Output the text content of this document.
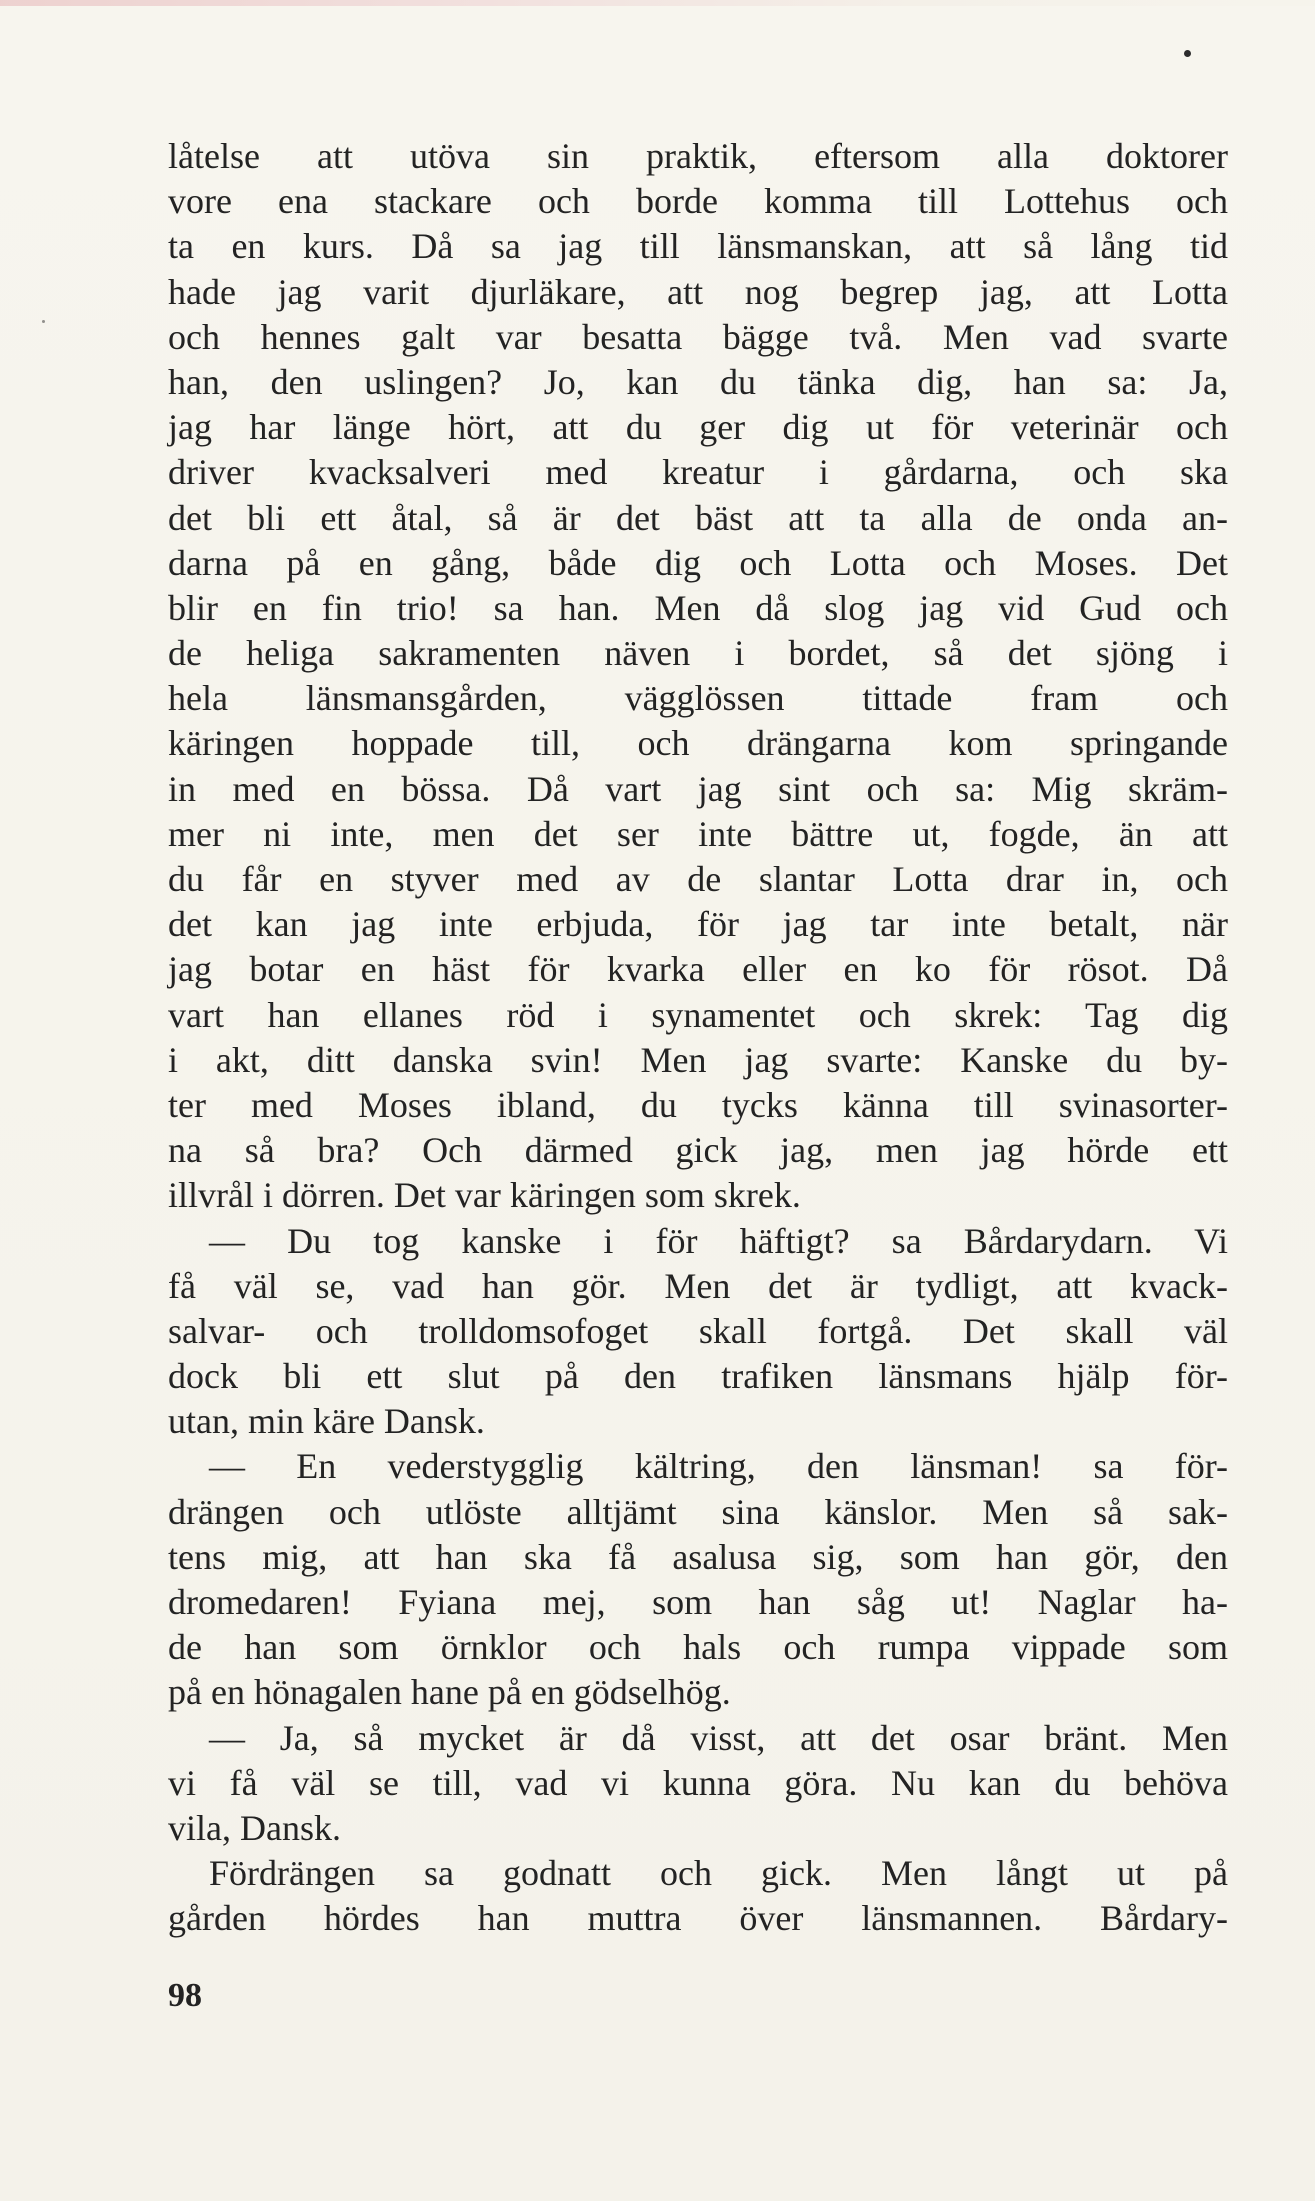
låtelse att utöva sin praktik, eftersom alla doktorer
vore ena stackare och borde komma till Lottehus och
ta en kurs. Då sa jag till länsmanskan, att så lång tid
hade jag varit djurläkare, att nog begrep jag, att Lotta
och hennes galt var besatta bägge två. Men vad svarte
han, den uslingen? Jo, kan du tänka dig, han sa: Ja,
jag har länge hört, att du ger dig ut för veterinär och
driver kvacksalveri med kreatur i gårdarna, och ska
det bli ett åtal, så är det bäst att ta alla de onda an-
darna på en gång, både dig och Lotta och Moses. Det
blir en fin trio! sa han. Men då slog jag vid Gud och
de heliga sakramenten näven i bordet, så det sjöng i
hela länsmansgården, vägglössen tittade fram och
käringen hoppade till, och drängarna kom springande
in med en bössa. Då vart jag sint och sa: Mig skräm-
mer ni inte, men det ser inte bättre ut, fogde, än att
du får en styver med av de slantar Lotta drar in, och
det kan jag inte erbjuda, för jag tar inte betalt, när
jag botar en häst för kvarka eller en ko för rösot. Då
vart han ellanes röd i synamentet och skrek: Tag dig
i akt, ditt danska svin! Men jag svarte: Kanske du by-
ter med Moses ibland, du tycks känna till svinasorter-
na så bra? Och därmed gick jag, men jag hörde ett
illvrål i dörren. Det var käringen som skrek.
— Du tog kanske i för häftigt? sa Bårdarydarn. Vi
få väl se, vad han gör. Men det är tydligt, att kvack-
salvar- och trolldomsofoget skall fortgå. Det skall väl
dock bli ett slut på den trafiken länsmans hjälp för-
utan, min käre Dansk.
— En vederstygglig kältring, den länsman! sa för-
drängen och utlöste alltjämt sina känslor. Men så sak-
tens mig, att han ska få asalusa sig, som han gör, den
dromedaren! Fyiana mej, som han såg ut! Naglar ha-
de han som örnklor och hals och rumpa vippade som
på en hönagalen hane på en gödselhög.
— Ja, så mycket är då visst, att det osar bränt. Men
vi få väl se till, vad vi kunna göra. Nu kan du behöva
vila, Dansk.
Fördrängen sa godnatt och gick. Men långt ut på
gården hördes han muttra över länsmannen. Bårdary-
98
